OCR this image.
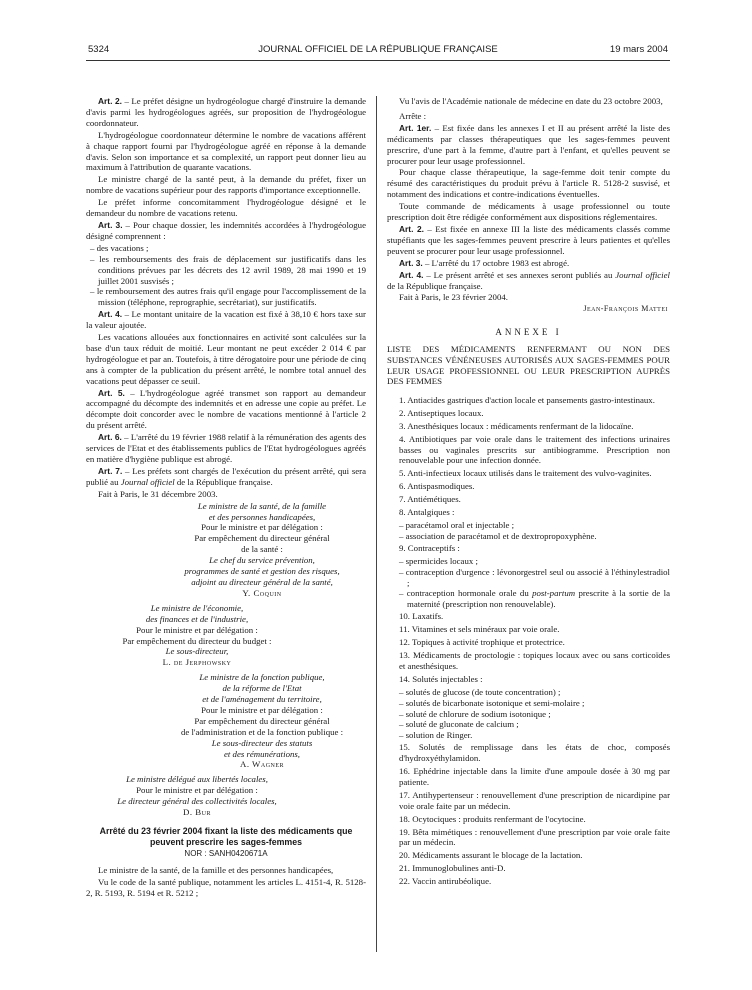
5324	JOURNAL OFFICIEL DE LA RÉPUBLIQUE FRANÇAISE	19 mars 2004

Art. 2. – Le préfet désigne un hydrogéologue chargé d'instruire la demande d'avis parmi les hydrogéologues agréés, sur proposition de l'hydrogéologue coordonnateur.

L'hydrogéologue coordonnateur détermine le nombre de vacations afférent à chaque rapport fourni par l'hydrogéologue agréé en réponse à la demande d'avis. Selon son importance et sa complexité, un rapport peut donner lieu au maximum à l'attribution de quarante vacations.

Le ministre chargé de la santé peut, à la demande du préfet, fixer un nombre de vacations supérieur pour des rapports d'importance exceptionnelle.

Le préfet informe concomitamment l'hydrogéologue désigné et le demandeur du nombre de vacations retenu.

Art. 3. – Pour chaque dossier, les indemnités accordées à l'hydrogéologue désigné comprennent :

– des vacations ;
– les remboursements des frais de déplacement sur justificatifs dans les conditions prévues par les décrets des 12 avril 1989, 28 mai 1990 et 19 juillet 2001 susvisés ;
– le remboursement des autres frais qu'il engage pour l'accomplissement de la mission (téléphone, reprographie, secrétariat), sur justificatifs.

Art. 4. – Le montant unitaire de la vacation est fixé à 38,10 € hors taxe sur la valeur ajoutée.

Les vacations allouées aux fonctionnaires en activité sont calculées sur la base d'un taux réduit de moitié. Leur montant ne peut excéder 2 014 € par hydrogéologue et par an. Toutefois, à titre dérogatoire pour une période de cinq ans à compter de la publication du présent arrêté, le nombre total annuel des vacations peut dépasser ce seuil.

Art. 5. – L'hydrogéologue agréé transmet son rapport au demandeur accompagné du décompte des indemnités et en adresse une copie au préfet. Le décompte doit concorder avec le nombre de vacations mentionné à l'article 2 du présent arrêté.

Art. 6. – L'arrêté du 19 février 1988 relatif à la rémunération des agents des services de l'Etat et des établissements publics de l'Etat hydrogéologues agréés en matière d'hygiène publique est abrogé.

Art. 7. – Les préfets sont chargés de l'exécution du présent arrêté, qui sera publié au Journal officiel de la République française.

Fait à Paris, le 31 décembre 2003.

Le ministre de la santé, de la famille

et des personnes handicapées,

Pour le ministre et par délégation :

Par empêchement du directeur général

de la santé :

Le chef du service prévention,

programmes de santé et gestion des risques,

adjoint au directeur général de la santé,

Y. Coquin

Le ministre de l'économie,

des finances et de l'industrie,

Pour le ministre et par délégation :

Par empêchement du directeur du budget :

Le sous-directeur,

L. de Jerphowsky

Le ministre de la fonction publique,

de la réforme de l'Etat

et de l'aménagement du territoire,

Pour le ministre et par délégation :

Par empêchement du directeur général

de l'administration et de la fonction publique :

Le sous-directeur des statuts

et des rémunérations,

A. Wagner

Le ministre délégué aux libertés locales,

Pour le ministre et par délégation :

Le directeur général des collectivités locales,

D. Bur

Arrêté du 23 février 2004 fixant la liste des médicaments que peuvent prescrire les sages-femmes
NOR : SANH0420671A

Le ministre de la santé, de la famille et des personnes handicapées,

Vu le code de la santé publique, notamment les articles L. 4151-4, R. 5128-2, R. 5193, R. 5194 et R. 5212 ;

Vu l'avis de l'Académie nationale de médecine en date du 23 octobre 2003,

Arrête :

Art. 1er. – Est fixée dans les annexes I et II au présent arrêté la liste des médicaments par classes thérapeutiques que les sages-femmes peuvent prescrire, d'une part à la femme, d'autre part à l'enfant, et qu'elles peuvent se procurer pour leur usage professionnel.

Pour chaque classe thérapeutique, la sage-femme doit tenir compte du résumé des caractéristiques du produit prévu à l'article R. 5128-2 susvisé, et notamment des indications et contre-indications éventuelles.

Toute commande de médicaments à usage professionnel ou toute prescription doit être rédigée conformément aux dispositions réglementaires.

Art. 2. – Est fixée en annexe III la liste des médicaments classés comme stupéfiants que les sages-femmes peuvent prescrire à leurs patientes et qu'elles peuvent se procurer pour leur usage professionnel.

Art. 3. – L'arrêté du 17 octobre 1983 est abrogé.

Art. 4. – Le présent arrêté et ses annexes seront publiés au Journal officiel de la République française.

Fait à Paris, le 23 février 2004.

Jean-François Mattei

ANNEXE I

LISTE DES MÉDICAMENTS RENFERMANT OU NON DES SUBSTANCES VÉNÉNEUSES AUTORISÉS AUX SAGES-FEMMES POUR LEUR USAGE PROFESSIONNEL OU LEUR PRESCRIPTION AUPRÈS DES FEMMES

1. Antiacides gastriques d'action locale et pansements gastro-intestinaux.

2. Antiseptiques locaux.

3. Anesthésiques locaux : médicaments renfermant de la lidocaïne.

4. Antibiotiques par voie orale dans le traitement des infections urinaires basses ou vaginales prescrits sur antibiogramme. Prescription non renouvelable pour une infection donnée.

5. Anti-infectieux locaux utilisés dans le traitement des vulvo-vaginites.

6. Antispasmodiques.

7. Antiémétiques.

8. Antalgiques :

– paracétamol oral et injectable ;
– association de paracétamol et de dextropropoxyphène.

9. Contraceptifs :

– spermicides locaux ;
– contraception d'urgence : lévonorgestrel seul ou associé à l'éthinylestradiol ;
– contraception hormonale orale du post-partum prescrite à la sortie de la maternité (prescription non renouvelable).

10. Laxatifs.

11. Vitamines et sels minéraux par voie orale.

12. Topiques à activité trophique et protectrice.

13. Médicaments de proctologie : topiques locaux avec ou sans corticoïdes et anesthésiques.

14. Solutés injectables :

– solutés de glucose (de toute concentration) ;
– solutés de bicarbonate isotonique et semi-molaire ;
– soluté de chlorure de sodium isotonique ;
– soluté de gluconate de calcium ;
– solution de Ringer.

15. Solutés de remplissage dans les états de choc, composés d'hydroxyéthylamidon.

16. Ephédrine injectable dans la limite d'une ampoule dosée à 30 mg par patiente.

17. Antihypertenseur : renouvellement d'une prescription de nicardipine par voie orale faite par un médecin.

18. Ocytociques : produits renfermant de l'ocytocine.

19. Bêta mimétiques : renouvellement d'une prescription par voie orale faite par un médecin.

20. Médicaments assurant le blocage de la lactation.

21. Immunoglobulines anti-D.

22. Vaccin antirubéolique.
